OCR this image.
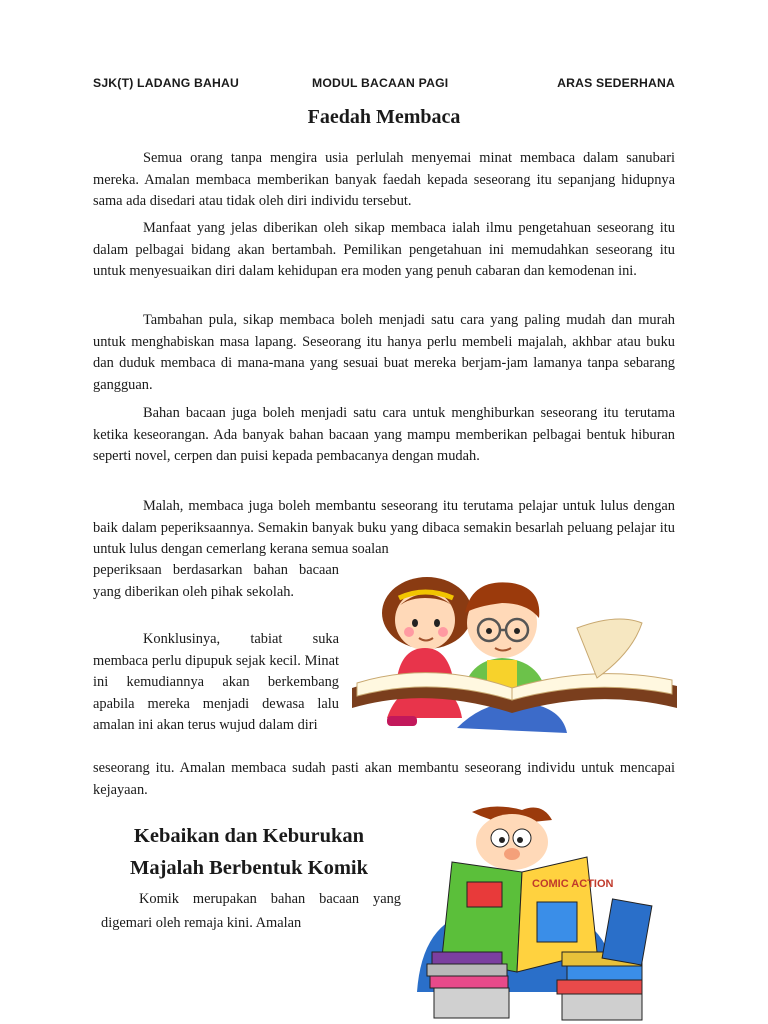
SJK(T) LADANG BAHAU	MODUL BACAAN PAGI	ARAS SEDERHANA
Faedah Membaca

Semua orang tanpa mengira usia perlulah menyemai minat membaca dalam sanubari mereka. Amalan membaca memberikan banyak faedah kepada seseorang itu sepanjang hidupnya sama ada disedari atau tidak oleh diri individu tersebut.

Manfaat yang jelas diberikan oleh sikap membaca ialah ilmu pengetahuan seseorang itu dalam pelbagai bidang akan bertambah. Pemilikan pengetahuan ini memudahkan seseorang itu untuk menyesuaikan diri dalam kehidupan era moden yang penuh cabaran dan kemodenan ini.

Tambahan pula, sikap membaca boleh menjadi satu cara yang paling mudah dan murah untuk menghabiskan masa lapang. Seseorang itu hanya perlu membeli majalah, akhbar atau buku dan duduk membaca di mana-mana yang sesuai buat mereka berjam-jam lamanya tanpa sebarang gangguan.

Bahan bacaan juga boleh menjadi satu cara untuk menghiburkan seseorang itu terutama ketika keseorangan. Ada banyak bahan bacaan yang mampu memberikan pelbagai bentuk hiburan seperti novel, cerpen dan puisi kepada pembacanya dengan mudah.

Malah, membaca juga boleh membantu seseorang itu terutama pelajar untuk lulus dengan baik dalam peperiksaannya. Semakin banyak buku yang dibaca semakin besarlah peluang pelajar itu untuk lulus dengan cemerlang kerana semua soalan

peperiksaan berdasarkan bahan bacaan yang diberikan oleh pihak sekolah.

Konklusinya, tabiat suka membaca perlu dipupuk sejak kecil. Minat ini kemudiannya akan berkembang apabila mereka menjadi dewasa lalu amalan ini akan terus wujud dalam diri

seseorang itu. Amalan membaca sudah pasti akan membantu seseorang individu untuk mencapai kejayaan.

Kebaikan dan Keburukan
Majalah Berbentuk Komik

Komik merupakan bahan bacaan yang digemari oleh remaja kini. Amalan

COMIC ACTION
